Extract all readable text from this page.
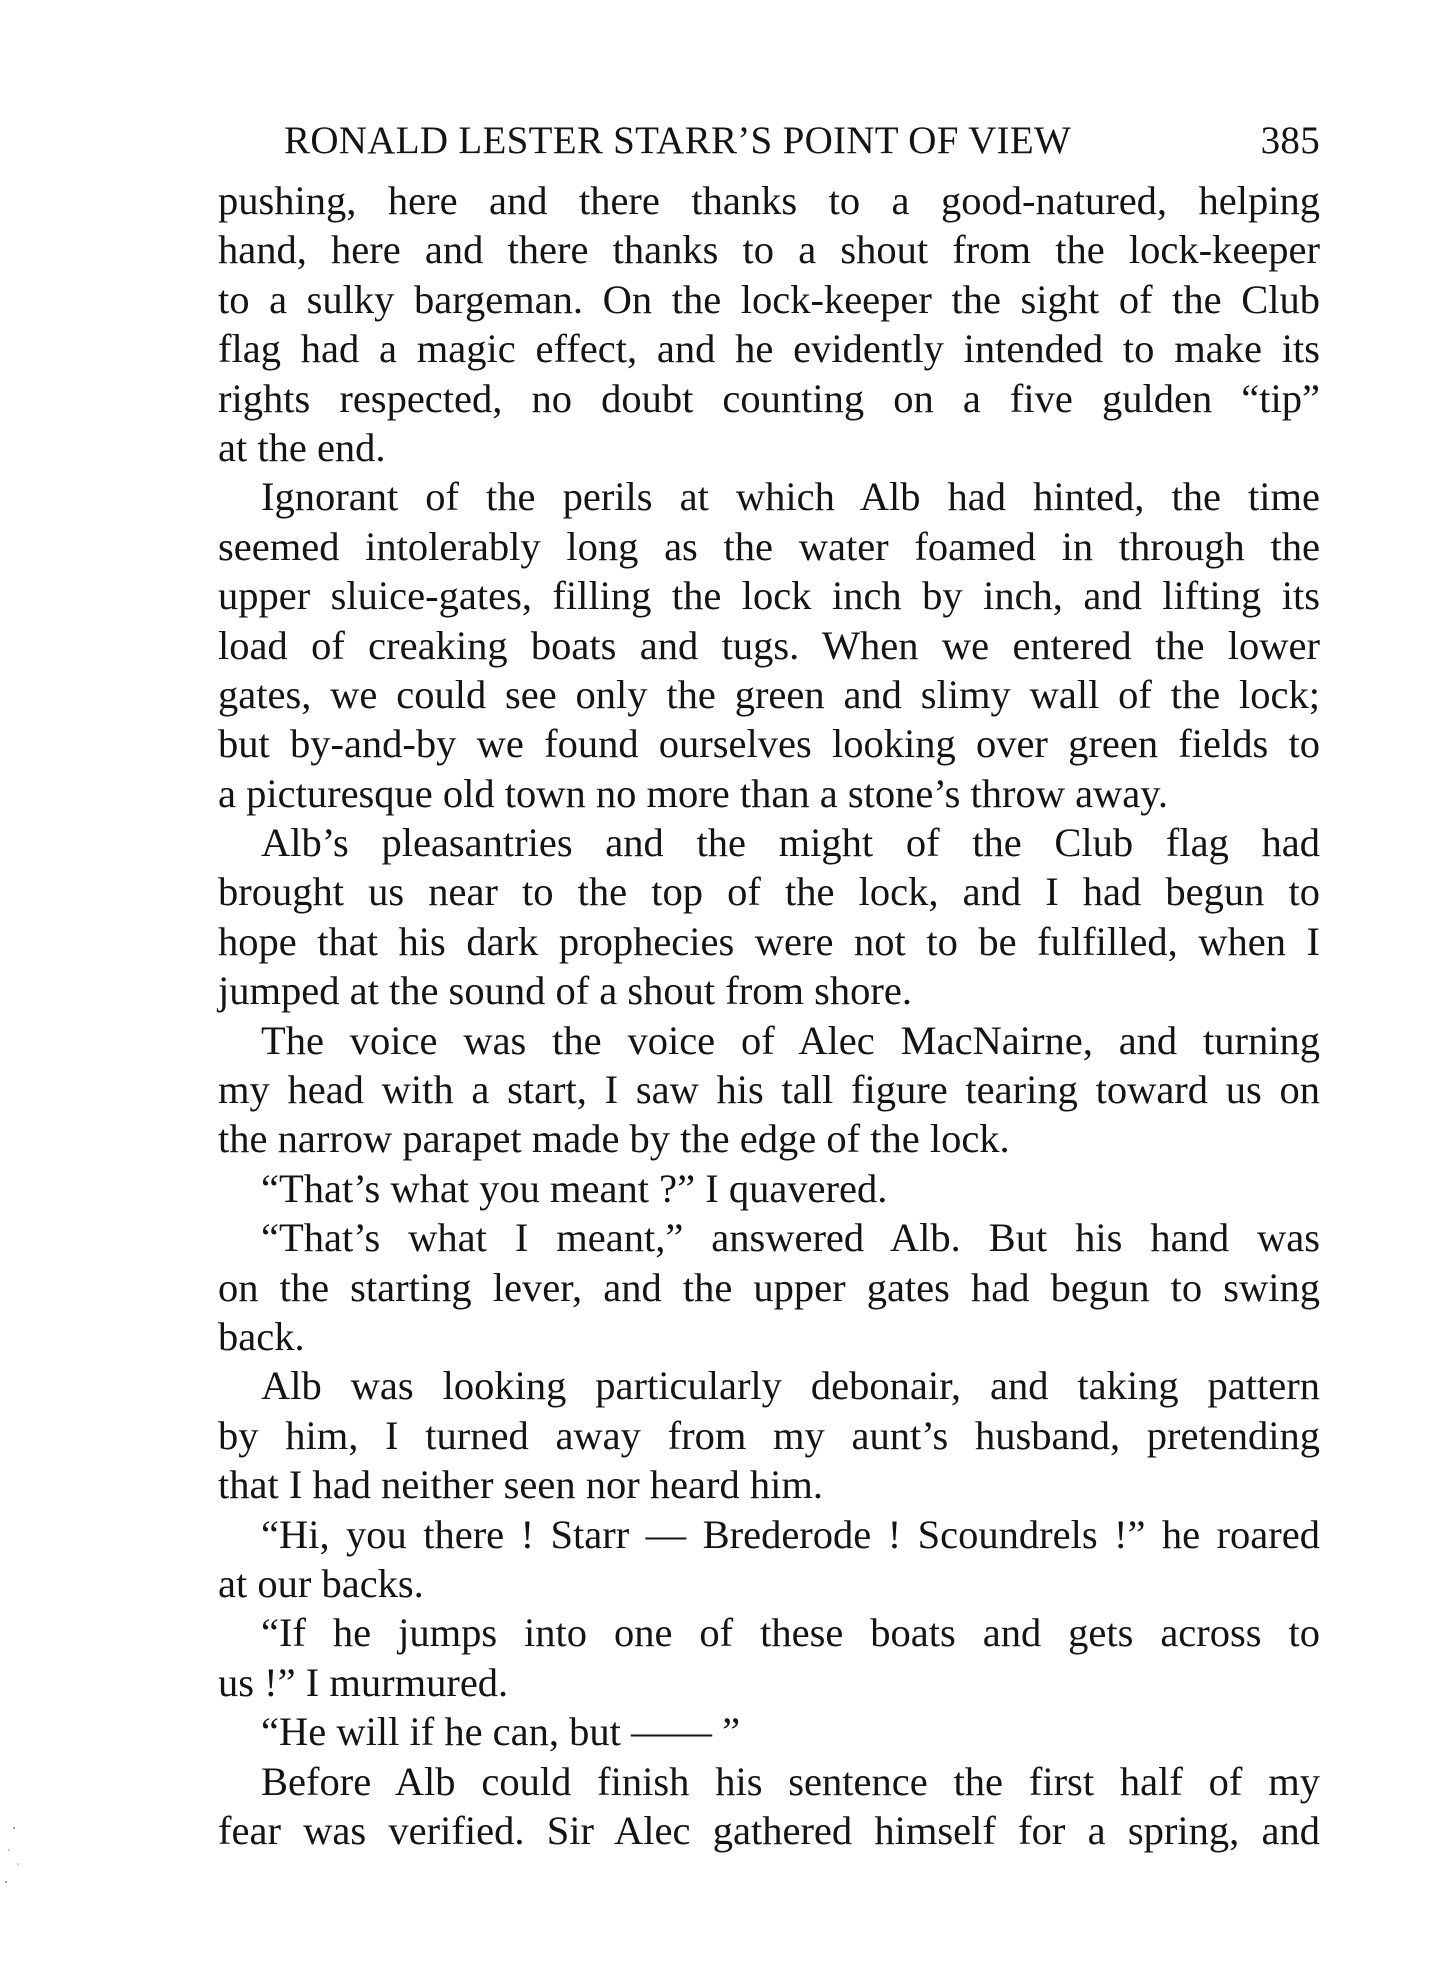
RONALD LESTER STARR’S POINT OF VIEW	385
pushing, here and there thanks to a good-natured, helping
hand, here and there thanks to a shout from the lock-keeper
to a sulky bargeman. On the lock-keeper the sight of the Club
flag had a magic effect, and he evidently intended to make its
rights respected, no doubt counting on a five gulden “tip”
at the end.
Ignorant of the perils at which Alb had hinted, the time
seemed intolerably long as the water foamed in through the
upper sluice-gates, filling the lock inch by inch, and lifting its
load of creaking boats and tugs. When we entered the lower
gates, we could see only the green and slimy wall of the lock;
but by-and-by we found ourselves looking over green fields to
a picturesque old town no more than a stone’s throw away.
Alb’s pleasantries and the might of the Club flag had
brought us near to the top of the lock, and I had begun to
hope that his dark prophecies were not to be fulfilled, when I
jumped at the sound of a shout from shore.
The voice was the voice of Alec MacNairne, and turning
my head with a start, I saw his tall figure tearing toward us on
the narrow parapet made by the edge of the lock.
“That’s what you meant ?” I quavered.
“That’s what I meant,” answered Alb. But his hand was
on the starting lever, and the upper gates had begun to swing
back.
Alb was looking particularly debonair, and taking pattern
by him, I turned away from my aunt’s husband, pretending
that I had neither seen nor heard him.
“Hi, you there ! Starr — Brederode ! Scoundrels !” he roared
at our backs.
“If he jumps into one of these boats and gets across to
us !” I murmured.
“He will if he can, but —— ”
Before Alb could finish his sentence the first half of my
fear was verified. Sir Alec gathered himself for a spring, and
